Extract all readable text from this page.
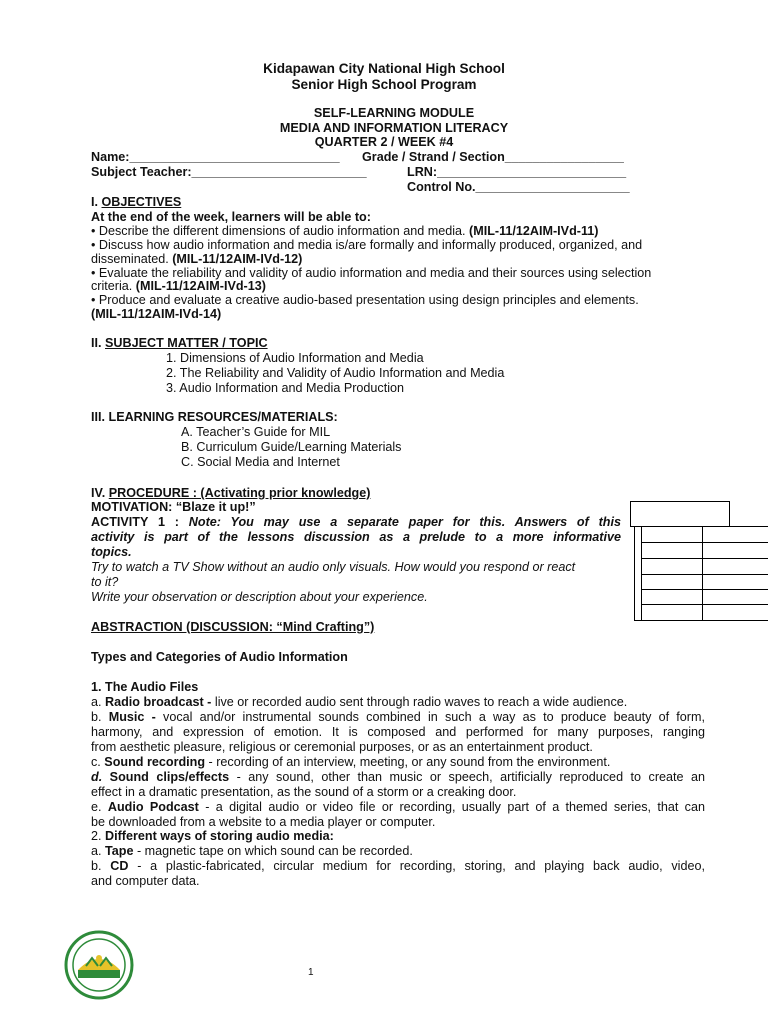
Kidapawan City National High School
Senior High School Program
SELF-LEARNING MODULE
MEDIA AND INFORMATION LITERACY
QUARTER 2 / WEEK #4
Name:______________________________ Grade / Strand / Section_________________
Subject Teacher:_________________________	LRN:___________________________
Control No.______________________
I. OBJECTIVES
At the end of the week, learners will be able to:
• Describe the different dimensions of audio information and media. (MIL-11/12AIM-IVd-11)
• Discuss how audio information and media is/are formally and informally produced, organized, and
disseminated. (MIL-11/12AIM-IVd-12)
• Evaluate the reliability and validity of audio information and media and their sources using selection
criteria. (MIL-11/12AIM-IVd-13)
• Produce and evaluate a creative audio-based presentation using design principles and elements.
(MIL-11/12AIM-IVd-14)
II. SUBJECT MATTER / TOPIC
1. Dimensions of Audio Information and Media
2. The Reliability and Validity of Audio Information and Media
3. Audio Information and Media Production
III. LEARNING RESOURCES/MATERIALS:
A. Teacher’s Guide for MIL
B. Curriculum Guide/Learning Materials
C. Social Media and Internet
IV. PROCEDURE : (Activating prior knowledge)
MOTIVATION: “Blaze it up!”
ACTIVITY 1 : Note: You may use a separate paper for this. Answers of this
activity is part of the lessons discussion as a prelude to a more informative
topics.
Try to watch a TV Show without an audio only visuals. How would you respond or react
to it?
Write your observation or description about your experience.
ABSTRACTION (DISCUSSION: “Mind Crafting”)
Types and Categories of Audio Information
1. The Audio Files
a. Radio broadcast - live or recorded audio sent through radio waves to reach a wide audience.
b. Music - vocal and/or instrumental sounds combined in such a way as to produce beauty of form,
harmony, and expression of emotion. It is composed and performed for many purposes, ranging
from aesthetic pleasure, religious or ceremonial purposes, or as an entertainment product.
c. Sound recording - recording of an interview, meeting, or any sound from the environment.
d. Sound clips/effects - any sound, other than music or speech, artificially reproduced to create an
effect in a dramatic presentation, as the sound of a storm or a creaking door.
e. Audio Podcast - a digital audio or video file or recording, usually part of a themed series, that can
be downloaded from a website to a media player or computer.
2. Different ways of storing audio media:
a. Tape - magnetic tape on which sound can be recorded.
b. CD - a plastic-fabricated, circular medium for recording, storing, and playing back audio, video,
and computer data.
1
